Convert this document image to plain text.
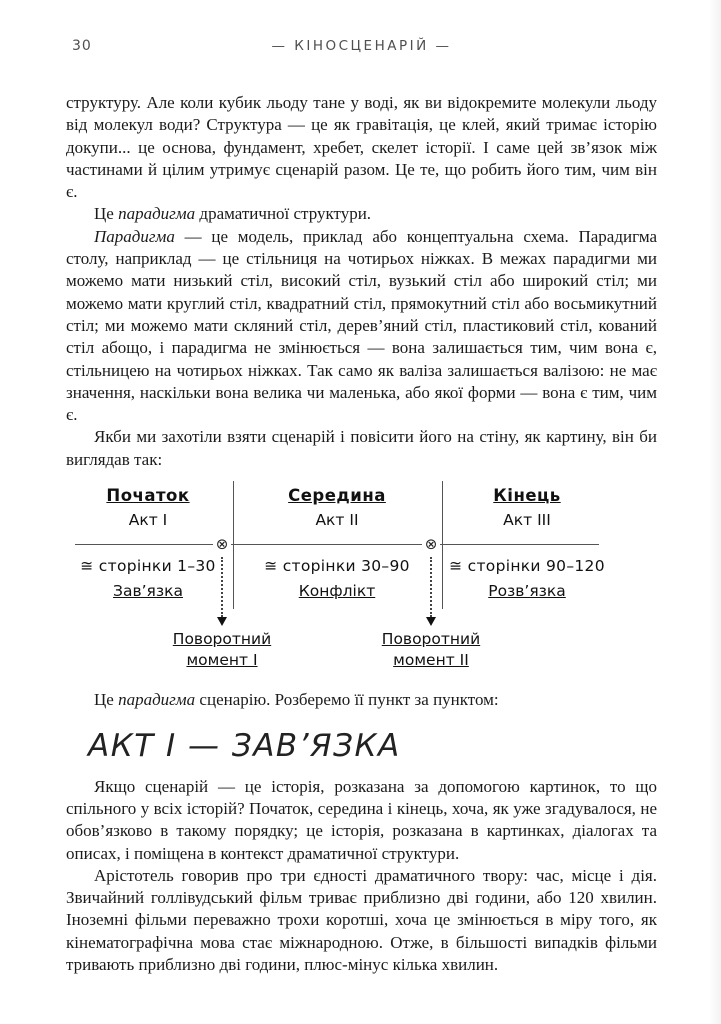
30	— КІНОСЦЕНАРІЙ —

структуру. Але коли кубик льоду тане у воді, як ви відокремите молекули льоду від молекул води? Структура — це як гравітація, це клей, який тримає історію докупи... це основа, фундамент, хребет, скелет історії. І саме цей зв’язок між частинами й цілим утримує сценарій разом. Це те, що робить його тим, чим він є.

Це парадигма драматичної структури.

Парадигма — це модель, приклад або концептуальна схема. Парадигма столу, наприклад — це стільниця на чотирьох ніжках. В межах парадигми ми можемо мати низький стіл, високий стіл, вузький стіл або широкий стіл; ми можемо мати круглий стіл, квадратний стіл, прямокутний стіл або восьмикутний стіл; ми можемо мати скляний стіл, дерев’яний стіл, пластиковий стіл, кований стіл абощо, і парадигма не змінюється — вона залишається тим, чим вона є, стільницею на чотирьох ніжках. Так само як валіза залишається валізою: не має значення, наскільки вона велика чи маленька, або якої форми — вона є тим, чим є.

Якби ми захотіли взяти сценарій і повісити його на стіну, як картину, він би виглядав так:

Початок
Акт I
≅ сторінки 1–30
Зав’язка
Середина
Акт II
≅ сторінки 30–90
Конфлікт
Кінець
Акт III
≅ сторінки 90–120
Розв’язка
⊗	⊗
Поворотний
момент I
Поворотний
момент II

Це парадигма сценарію. Розберемо її пункт за пунктом:

АКТ І — ЗАВ’ЯЗКА

Якщо сценарій — це історія, розказана за допомогою картинок, то що спільного у всіх історій? Початок, середина і кінець, хоча, як уже згадувалося, не обов’язково в такому порядку; це історія, розказана в картинках, діалогах та описах, і поміщена в контекст драматичної структури.

Арістотель говорив про три єдності драматичного твору: час, місце і дія. Звичайний голлівудський фільм триває приблизно дві години, або 120 хвилин. Іноземні фільми переважно трохи коротші, хоча це змінюється в міру того, як кінематографічна мова стає міжнародною. Отже, в більшості випадків фільми тривають приблизно дві години, плюс-мінус кілька хвилин.
